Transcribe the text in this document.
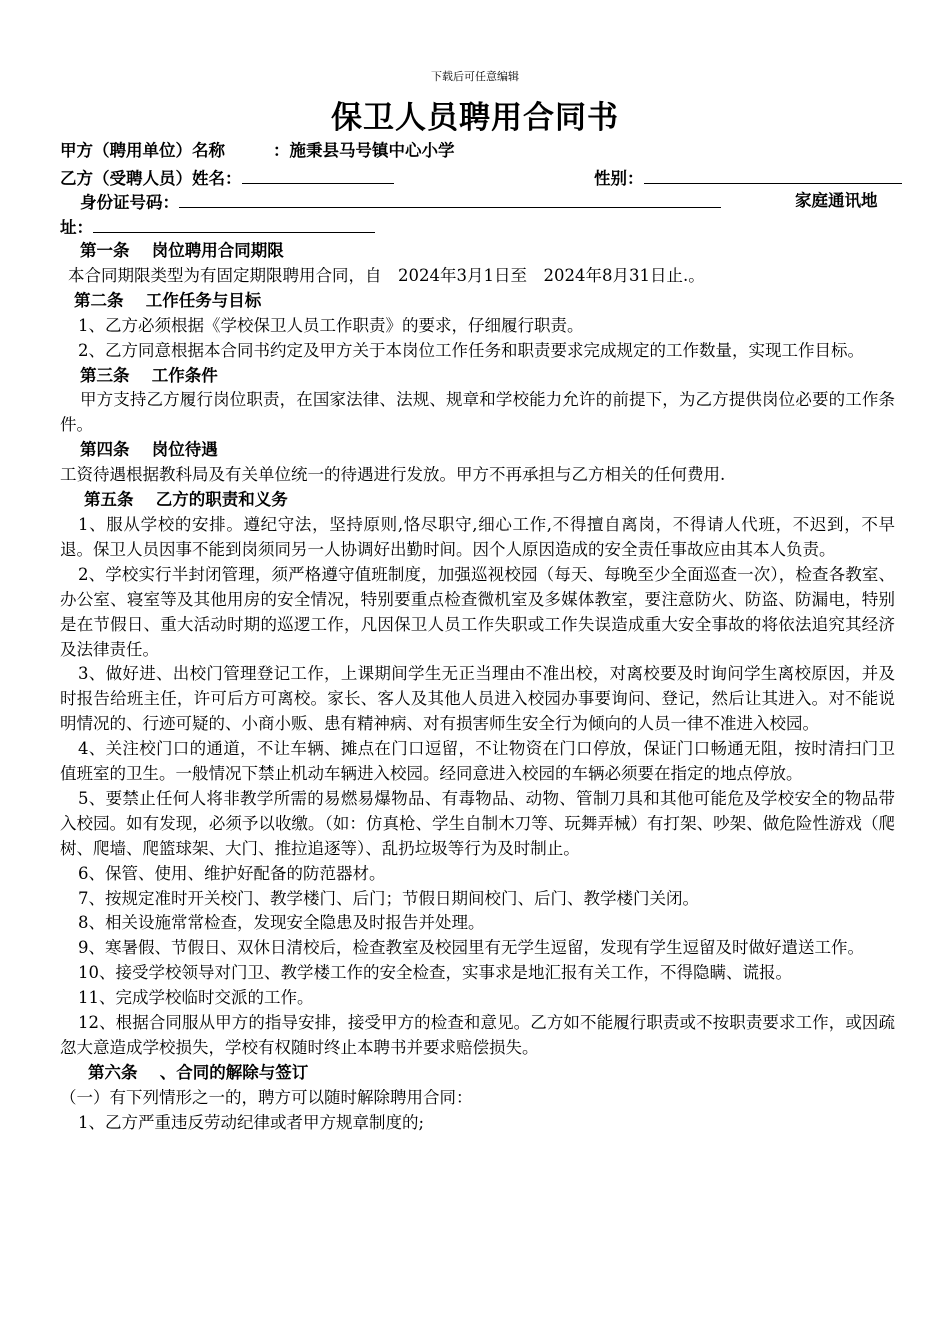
下载后可任意编辑
保卫人员聘用合同书
甲方（聘用单位）名称	：施秉县马号镇中心小学
乙方（受聘人员）姓名：	性别：
身份证号码：	家庭通讯地
址：

第一条　 岗位聘用合同期限

本合同期限类型为有固定期限聘用合同，自　2024年3月1日至　2024年8月31日止.。

第二条　 工作任务与目标

1、乙方必须根据《学校保卫人员工作职责》的要求，仔细履行职责。

2、乙方同意根据本合同书约定及甲方关于本岗位工作任务和职责要求完成规定的工作数量，实现工作目标。

第三条　 工作条件

甲方支持乙方履行岗位职责，在国家法律、法规、规章和学校能力允许的前提下，为乙方提供岗位必要的工作条件。

第四条　 岗位待遇

工资待遇根据教科局及有关单位统一的待遇进行发放。甲方不再承担与乙方相关的任何费用.

第五条　 乙方的职责和义务

1、服从学校的安排。遵纪守法，坚持原则,恪尽职守,细心工作,不得擅自离岗，不得请人代班，不迟到，不早退。保卫人员因事不能到岗须同另一人协调好出勤时间。因个人原因造成的安全责任事故应由其本人负责。

2、学校实行半封闭管理，须严格遵守值班制度，加强巡视校园（每天、每晚至少全面巡查一次），检查各教室、办公室、寝室等及其他用房的安全情况，特别要重点检查微机室及多媒体教室，要注意防火、防盗、防漏电，特别是在节假日、重大活动时期的巡逻工作，凡因保卫人员工作失职或工作失误造成重大安全事故的将依法追究其经济及法律责任。

3、做好进、出校门管理登记工作，上课期间学生无正当理由不准出校，对离校要及时询问学生离校原因，并及时报告给班主任，许可后方可离校。家长、客人及其他人员进入校园办事要询问、登记，然后让其进入。对不能说明情况的、行迹可疑的、小商小贩、患有精神病、对有损害师生安全行为倾向的人员一律不准进入校园。

4、关注校门口的通道，不让车辆、摊点在门口逗留，不让物资在门口停放，保证门口畅通无阻，按时清扫门卫值班室的卫生。一般情况下禁止机动车辆进入校园。经同意进入校园的车辆必须要在指定的地点停放。

5、要禁止任何人将非教学所需的易燃易爆物品、有毒物品、动物、管制刀具和其他可能危及学校安全的物品带入校园。如有发现，必须予以收缴。（如：仿真枪、学生自制木刀等、玩舞弄械）有打架、吵架、做危险性游戏（爬树、爬墙、爬篮球架、大门、推拉追逐等）、乱扔垃圾等行为及时制止。

6、保管、使用、维护好配备的防范器材。

7、按规定准时开关校门、教学楼门、后门；节假日期间校门、后门、教学楼门关闭。

8、相关设施常常检查，发现安全隐患及时报告并处理。

9、寒暑假、节假日、双休日清校后，检查教室及校园里有无学生逗留，发现有学生逗留及时做好遣送工作。

10、接受学校领导对门卫、教学楼工作的安全检查，实事求是地汇报有关工作，不得隐瞒、谎报。

11、完成学校临时交派的工作。

12、根据合同服从甲方的指导安排，接受甲方的检查和意见。乙方如不能履行职责或不按职责要求工作，或因疏忽大意造成学校损失，学校有权随时终止本聘书并要求赔偿损失。

第六条　 、合同的解除与签订

（一）有下列情形之一的，聘方可以随时解除聘用合同：

1、乙方严重违反劳动纪律或者甲方规章制度的;
